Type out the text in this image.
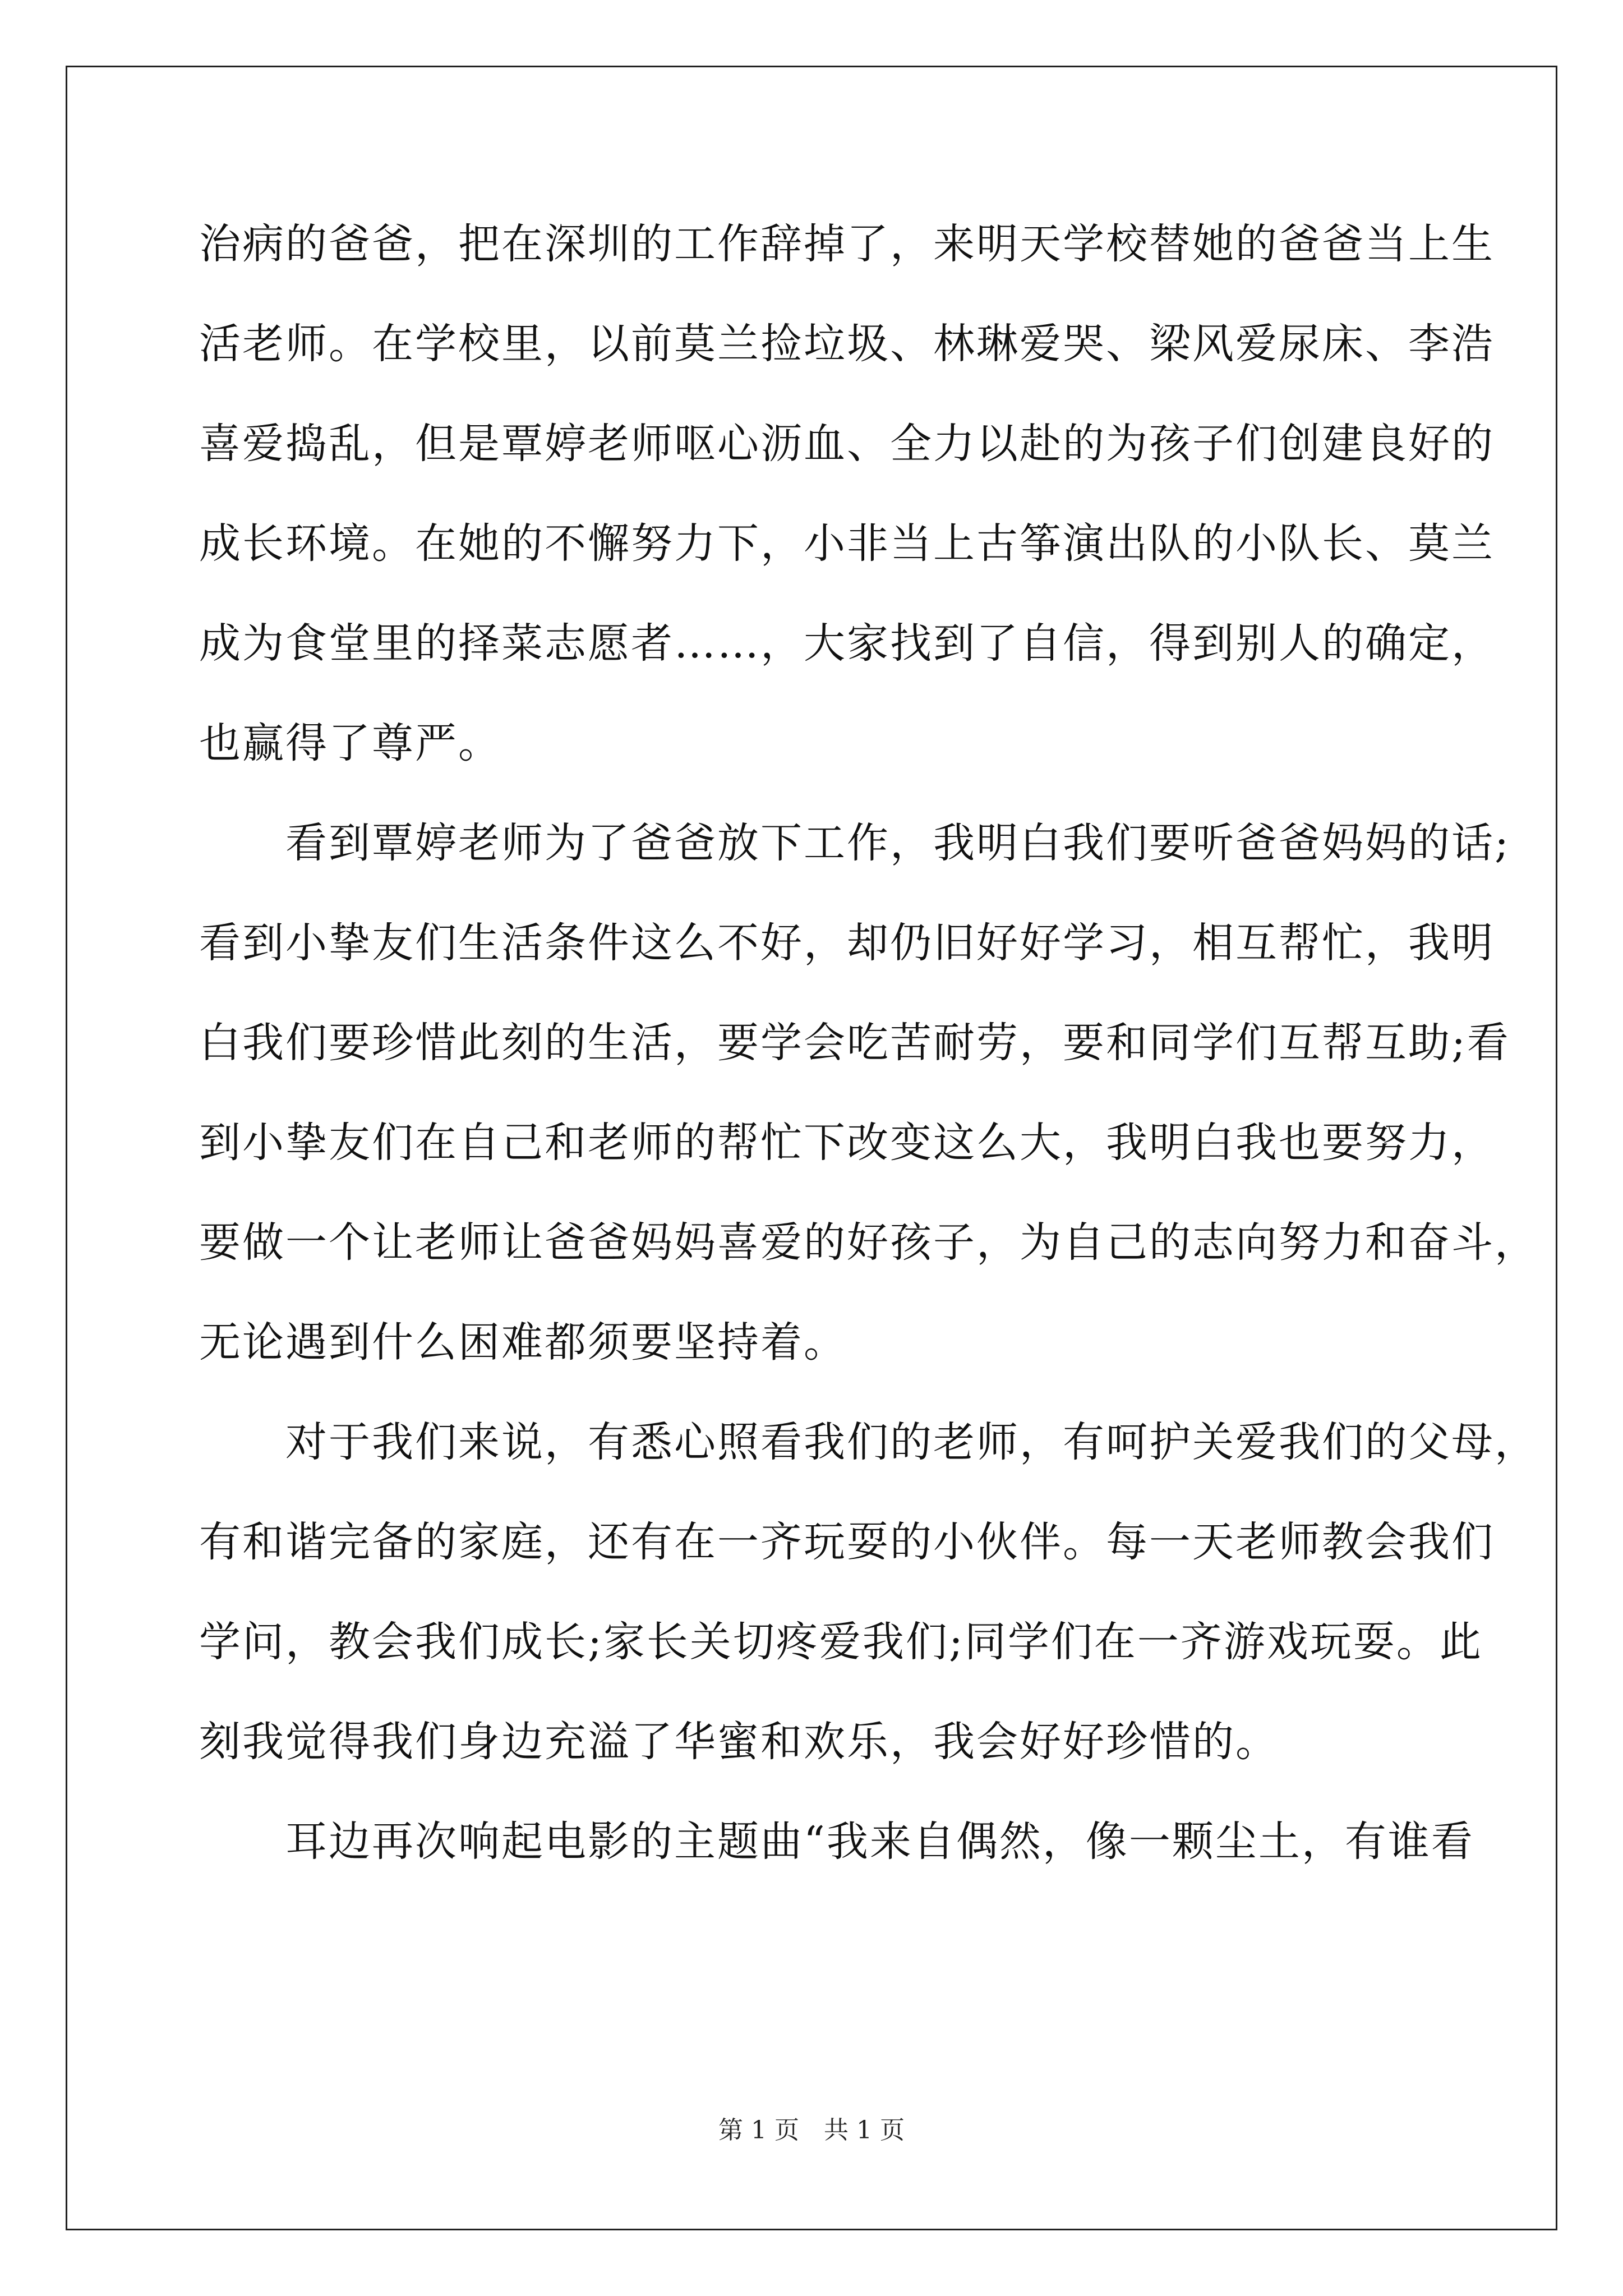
治病的爸爸，把在深圳的工作辞掉了，来明天学校替她的爸爸当上生
活老师。在学校里，以前莫兰捡垃圾、林琳爱哭、梁风爱尿床、李浩
喜爱捣乱，但是覃婷老师呕心沥血、全力以赴的为孩子们创建良好的
成长环境。在她的不懈努力下，小非当上古筝演出队的小队长、莫兰
成为食堂里的择菜志愿者……，大家找到了自信，得到别人的确定，
也赢得了尊严。
　　看到覃婷老师为了爸爸放下工作，我明白我们要听爸爸妈妈的话;
看到小挚友们生活条件这么不好，却仍旧好好学习，相互帮忙，我明
白我们要珍惜此刻的生活，要学会吃苦耐劳，要和同学们互帮互助;看
到小挚友们在自己和老师的帮忙下改变这么大，我明白我也要努力，
要做一个让老师让爸爸妈妈喜爱的好孩子，为自己的志向努力和奋斗，
无论遇到什么困难都须要坚持着。
　　对于我们来说，有悉心照看我们的老师，有呵护关爱我们的父母，
有和谐完备的家庭，还有在一齐玩耍的小伙伴。每一天老师教会我们
学问，教会我们成长;家长关切疼爱我们;同学们在一齐游戏玩耍。此
刻我觉得我们身边充溢了华蜜和欢乐，我会好好珍惜的。
　　耳边再次响起电影的主题曲“我来自偶然，像一颗尘土，有谁看
第 1 页　共 1 页
